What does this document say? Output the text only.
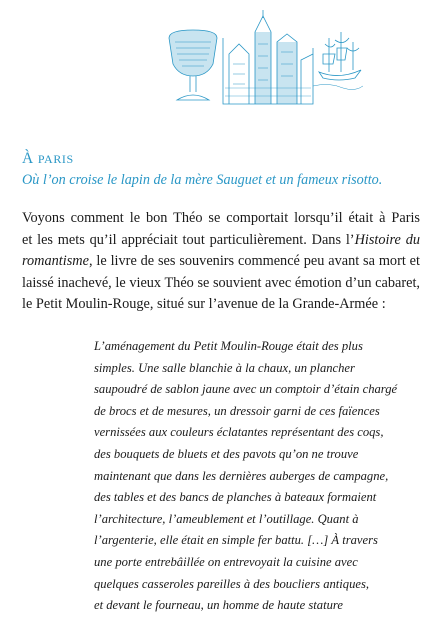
À PARIS

Où l’on croise le lapin de la mère Sauguet et un fameux risotto.

Voyons comment le bon Théo se comportait lorsqu’il était à Paris
et les mets qu’il appréciait tout particulièrement. Dans l’Histoire du
romantisme, le livre de ses souvenirs commencé peu avant sa mort et
laissé inachevé, le vieux Théo se souvient avec émotion d’un cabaret,
le Petit Moulin-Rouge, situé sur l’avenue de la Grande-Armée :
L’aménagement du Petit Moulin-Rouge était des plus
simples. Une salle blanchie à la chaux, un plancher
saupoudré de sablon jaune avec un comptoir d’étain chargé
de brocs et de mesures, un dressoir garni de ces faïences
vernissées aux couleurs éclatantes représentant des coqs,
des bouquets de bluets et des pavots qu’on ne trouve
maintenant que dans les dernières auberges de campagne,
des tables et des bancs de planches à bateaux formaient
l’architecture, l’ameublement et l’outillage. Quant à
l’argenterie, elle était en simple fer battu. […] À travers
une porte entrebâillée on entrevoyait la cuisine avec
quelques casseroles pareilles à des boucliers antiques,
et devant le fourneau, un homme de haute stature
